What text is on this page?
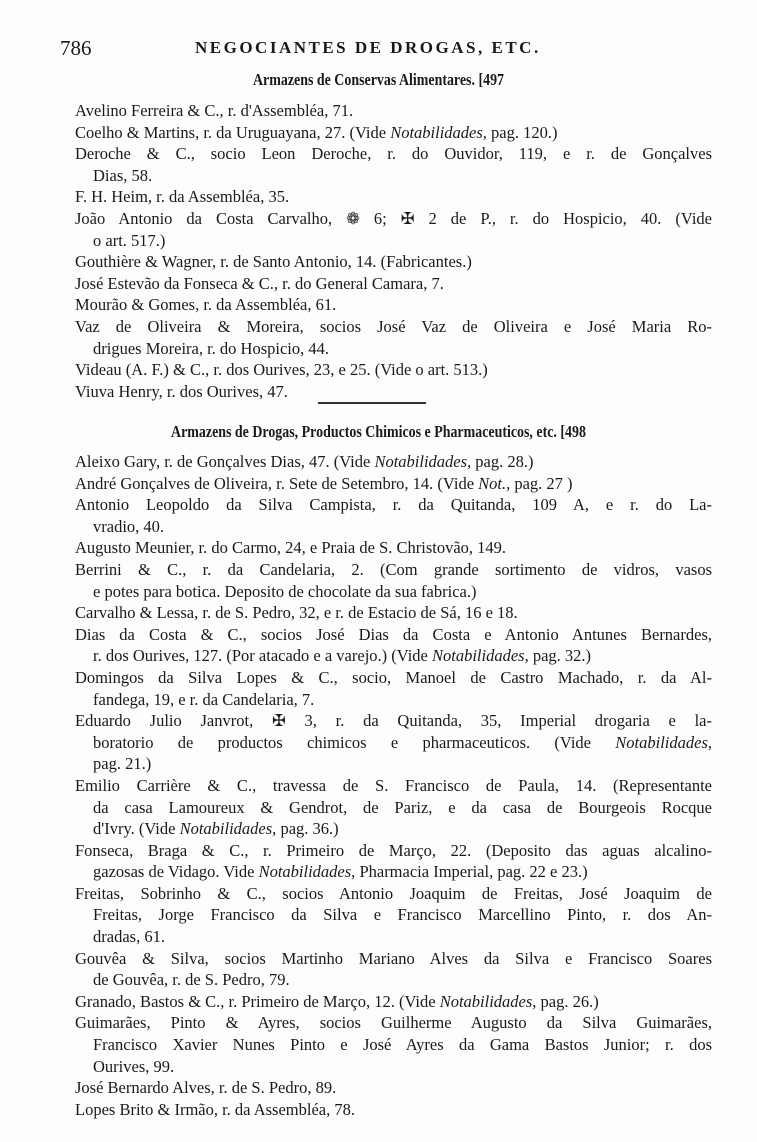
786	NEGOCIANTES DE DROGAS, ETC.
Armazens de Conservas Alimentares. [497
Avelino Ferreira & C., r. d'Assembléa, 71.
Coelho & Martins, r. da Uruguayana, 27. (Vide Notabilidades, pag. 120.)
Deroche & C., socio Leon Deroche, r. do Ouvidor, 119, e r. de Gonçalves
Dias, 58.
F. H. Heim, r. da Assembléa, 35.
João Antonio da Costa Carvalho, ❁ 6; ✠ 2 de P., r. do Hospicio, 40. (Vide
o art. 517.)
Gouthière & Wagner, r. de Santo Antonio, 14. (Fabricantes.)
José Estevão da Fonseca & C., r. do General Camara, 7.
Mourão & Gomes, r. da Assembléa, 61.
Vaz de Oliveira & Moreira, socios José Vaz de Oliveira e José Maria Ro-
drigues Moreira, r. do Hospicio, 44.
Videau (A. F.) & C., r. dos Ourives, 23, e 25. (Vide o art. 513.)
Viuva Henry, r. dos Ourives, 47.
Armazens de Drogas, Productos Chimicos e Pharmaceuticos, etc. [498
Aleixo Gary, r. de Gonçalves Dias, 47. (Vide Notabilidades, pag. 28.)
André Gonçalves de Oliveira, r. Sete de Setembro, 14. (Vide Not., pag. 27 )
Antonio Leopoldo da Silva Campista, r. da Quitanda, 109 A, e r. do La-
vradio, 40.
Augusto Meunier, r. do Carmo, 24, e Praia de S. Christovão, 149.
Berrini & C., r. da Candelaria, 2. (Com grande sortimento de vidros, vasos
e potes para botica. Deposito de chocolate da sua fabrica.)
Carvalho & Lessa, r. de S. Pedro, 32, e r. de Estacio de Sá, 16 e 18.
Dias da Costa & C., socios José Dias da Costa e Antonio Antunes Bernardes,
r. dos Ourives, 127. (Por atacado e a varejo.) (Vide Notabilidades, pag. 32.)
Domingos da Silva Lopes & C., socio, Manoel de Castro Machado, r. da Al-
fandega, 19, e r. da Candelaria, 7.
Eduardo Julio Janvrot, ✠ 3, r. da Quitanda, 35, Imperial drogaria e la-
boratorio de productos chimicos e pharmaceuticos. (Vide Notabilidades,
pag. 21.)
Emilio Carrière & C., travessa de S. Francisco de Paula, 14. (Representante
da casa Lamoureux & Gendrot, de Pariz, e da casa de Bourgeois Rocque
d'Ivry. (Vide Notabilidades, pag. 36.)
Fonseca, Braga & C., r. Primeiro de Março, 22. (Deposito das aguas alcalino-
gazosas de Vidago. Vide Notabilidades, Pharmacia Imperial, pag. 22 e 23.)
Freitas, Sobrinho & C., socios Antonio Joaquim de Freitas, José Joaquim de
Freitas, Jorge Francisco da Silva e Francisco Marcellino Pinto, r. dos An-
dradas, 61.
Gouvêa & Silva, socios Martinho Mariano Alves da Silva e Francisco Soares
de Gouvêa, r. de S. Pedro, 79.
Granado, Bastos & C., r. Primeiro de Março, 12. (Vide Notabilidades, pag. 26.)
Guimarães, Pinto & Ayres, socios Guilherme Augusto da Silva Guimarães,
Francisco Xavier Nunes Pinto e José Ayres da Gama Bastos Junior; r. dos
Ourives, 99.
José Bernardo Alves, r. de S. Pedro, 89.
Lopes Brito & Irmão, r. da Assembléa, 78.
